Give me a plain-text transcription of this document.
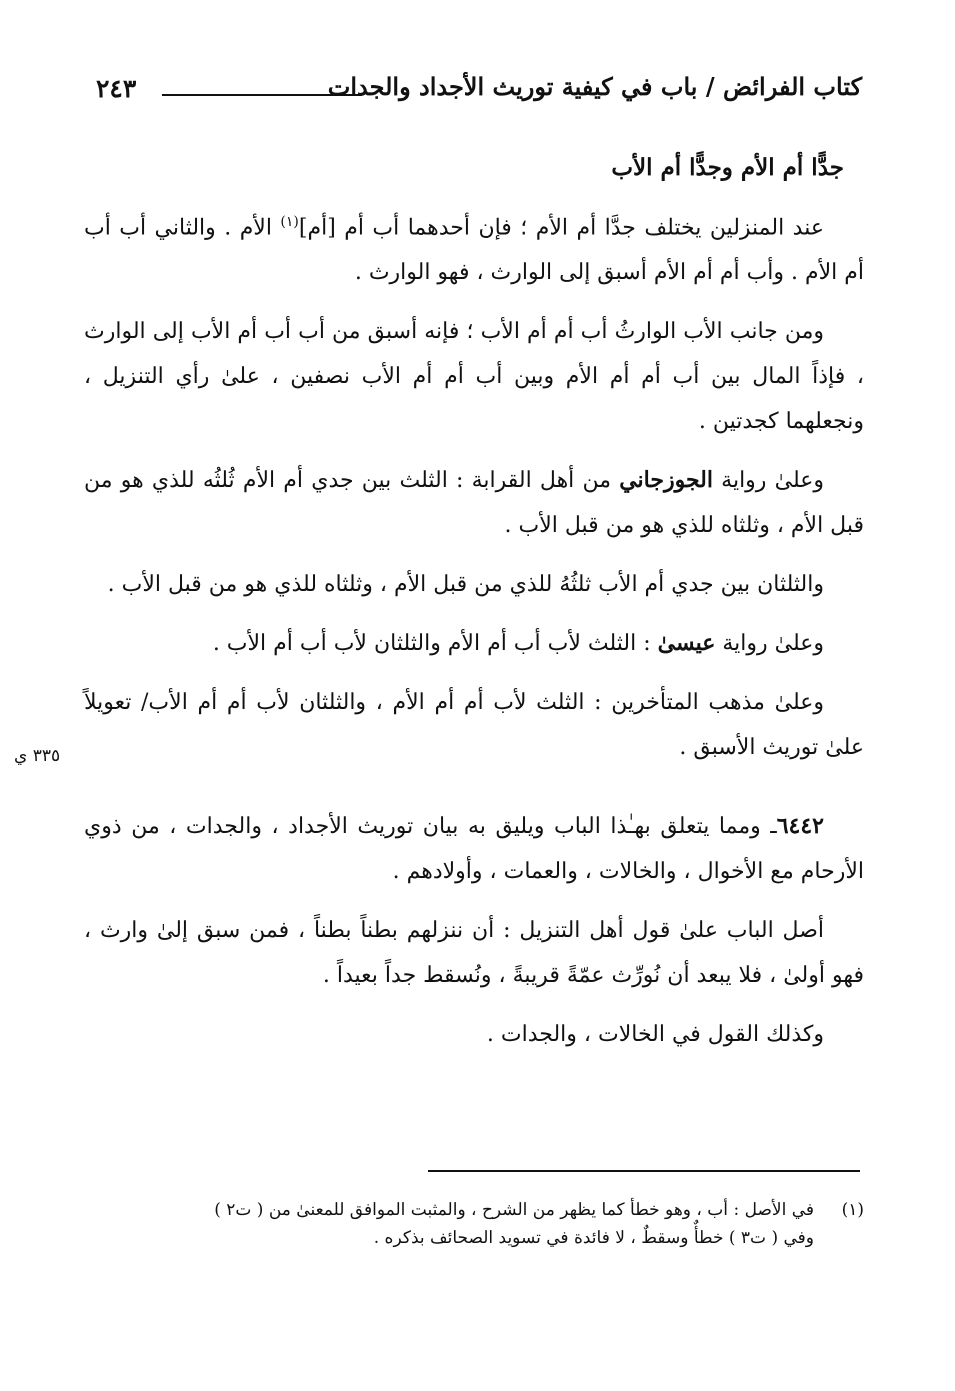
٢٤٣	كتاب الفرائض / باب في كيفية توريث الأجداد والجدات

جدًّا أم الأم وجدًّا أم الأب

عند المنزلين يختلف جدَّا أم الأم ؛ فإن أحدهما أب أم [أم]$^{(١)}$ الأم . والثاني أب أب أم الأم . وأب أم أم الأم أسبق إلى الوارث ، فهو الوارث .

ومن جانب الأب الوارثُ أب أم أم الأب ؛ فإنه أسبق من أب أب أم الأب إلى الوارث ، فإذاً المال بين أب أم أم الأم وبين أب أم أم الأب نصفين ، علىٰ رأي التنزيل ، ونجعلهما كجدتين .

وعلىٰ رواية الجوزجاني من أهل القرابة : الثلث بين جدي أم الأم ثُلثُه للذي هو من قبل الأم ، وثلثاه للذي هو من قبل الأب .

والثلثان بين جدي أم الأب ثلثُهُ للذي من قبل الأم ، وثلثاه للذي هو من قبل الأب .

وعلىٰ رواية عيسىٰ : الثلث لأب أب أم الأم والثلثان لأب أب أم الأب .

وعلىٰ مذهب المتأخرين : الثلث لأب أم أم الأم ، والثلثان لأب أم أم الأب/ تعويلاً علىٰ توريث الأسبق .

٦٤٤٢ـ ومما يتعلق بهـٰذا الباب ويليق به بيان توريث الأجداد ، والجدات ، من ذوي الأرحام مع الأخوال ، والخالات ، والعمات ، وأولادهم .

أصل الباب علىٰ قول أهل التنزيل : أن ننزلهم بطناً بطناً ، فمن سبق إلىٰ وارث ، فهو أولىٰ ، فلا يبعد أن نُورِّث عمّةً قريبةً ، ونُسقط جداً بعيداً .

وكذلك القول في الخالات ، والجدات .

٣٣٥ ي

(١)في الأصل : أب ، وهو خطأ كما يظهر من الشرح ، والمثبت الموافق للمعنىٰ من ( ت٢ )

وفي ( ت٣ ) خطأٌ وسقطٌ ، لا فائدة في تسويد الصحائف بذكره .
